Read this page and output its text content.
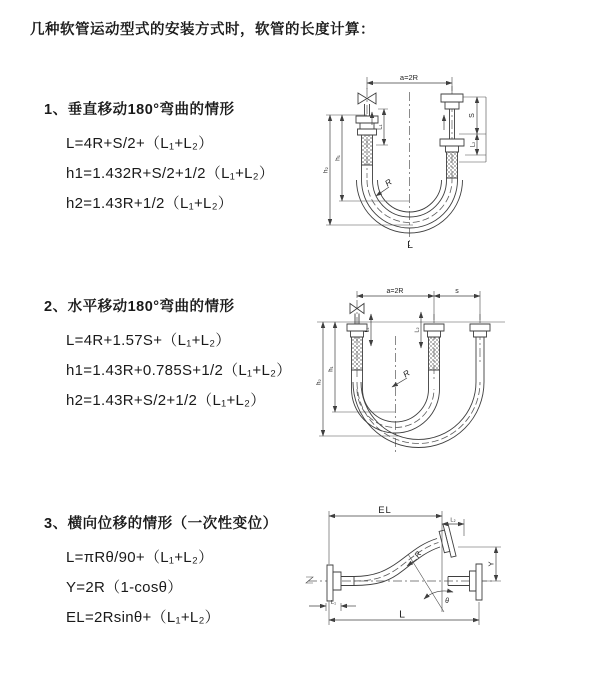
几种软管运动型式的安装方式时，软管的长度计算：
1、垂直移动180°弯曲的情形
L=4R+S/2+（L₁+L₂）
h1=1.432R+S/2+1/2（L₁+L₂）
h2=1.43R+1/2（L₁+L₂）
a=2R
L₁
h₁
h₂
S
L₂
R
L
2、水平移动180°弯曲的情形
L=4R+1.57S+（L₁+L₂）
h1=1.43R+0.785S+1/2（L₁+L₂）
h2=1.43R+S/2+1/2（L₁+L₂）
a=2R	s
L₁	L₂
h₁
h₂
R
3、横向位移的情形（一次性变位）
L=πRθ/90+（L₁+L₂）
Y=2R（1-cosθ）
EL=2Rsinθ+（L₁+L₂）
EL
L₂
Y
θ
R
L
L₁
